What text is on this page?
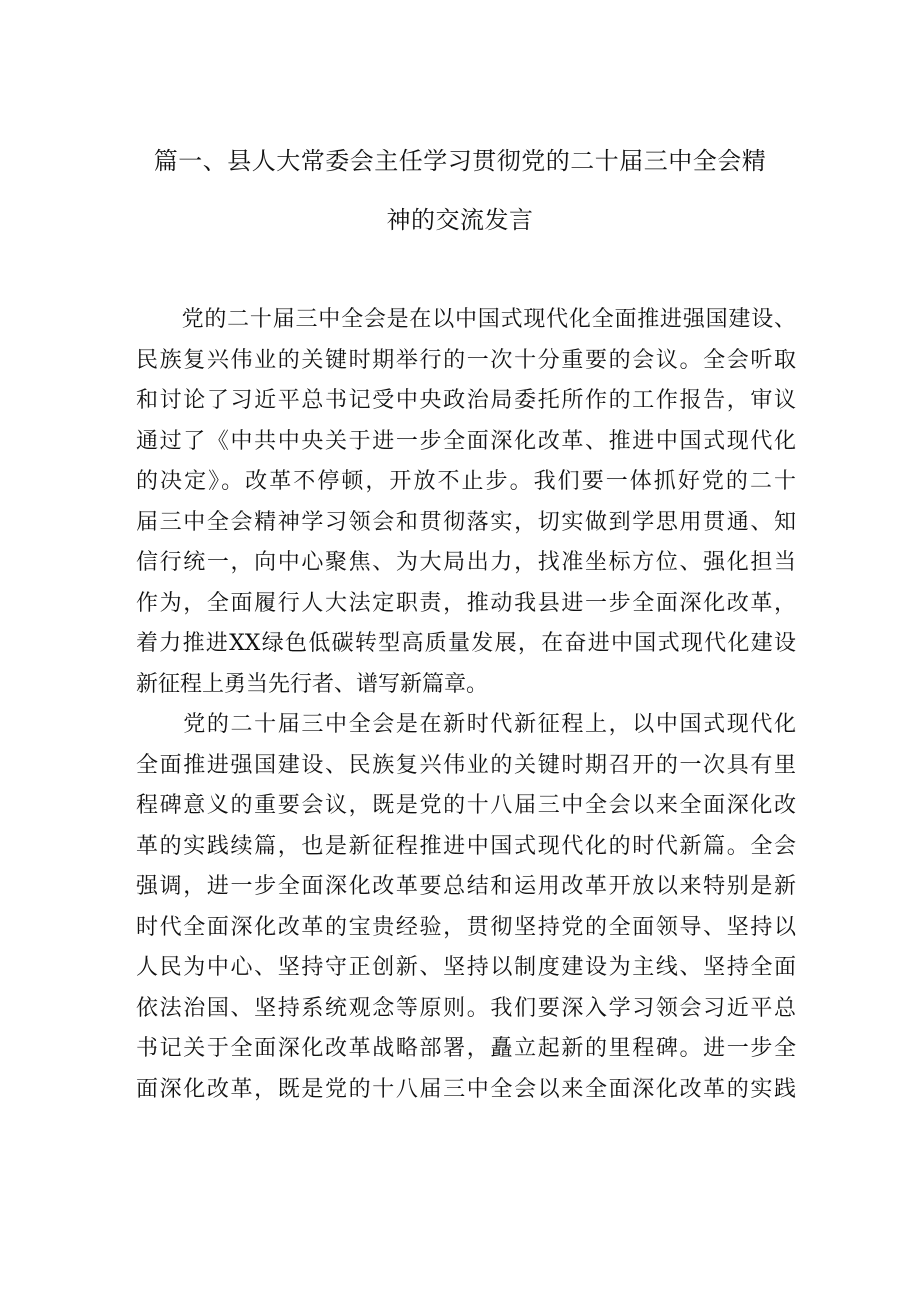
篇一、县人大常委会主任学习贯彻党的二十届三中全会精
神的交流发言
　　党的二十届三中全会是在以中国式现代化全面推进强国建设、
民族复兴伟业的关键时期举行的一次十分重要的会议。全会听取
和讨论了习近平总书记受中央政治局委托所作的工作报告，审议
通过了《中共中央关于进一步全面深化改革、推进中国式现代化
的决定》。改革不停顿，开放不止步。我们要一体抓好党的二十
届三中全会精神学习领会和贯彻落实，切实做到学思用贯通、知
信行统一，向中心聚焦、为大局出力，找准坐标方位、强化担当
作为，全面履行人大法定职责，推动我县进一步全面深化改革，
着力推进XX绿色低碳转型高质量发展，在奋进中国式现代化建设
新征程上勇当先行者、谱写新篇章。
　　党的二十届三中全会是在新时代新征程上，以中国式现代化
全面推进强国建设、民族复兴伟业的关键时期召开的一次具有里
程碑意义的重要会议，既是党的十八届三中全会以来全面深化改
革的实践续篇，也是新征程推进中国式现代化的时代新篇。全会
强调，进一步全面深化改革要总结和运用改革开放以来特别是新
时代全面深化改革的宝贵经验，贯彻坚持党的全面领导、坚持以
人民为中心、坚持守正创新、坚持以制度建设为主线、坚持全面
依法治国、坚持系统观念等原则。我们要深入学习领会习近平总
书记关于全面深化改革战略部署，矗立起新的里程碑。进一步全
面深化改革，既是党的十八届三中全会以来全面深化改革的实践
